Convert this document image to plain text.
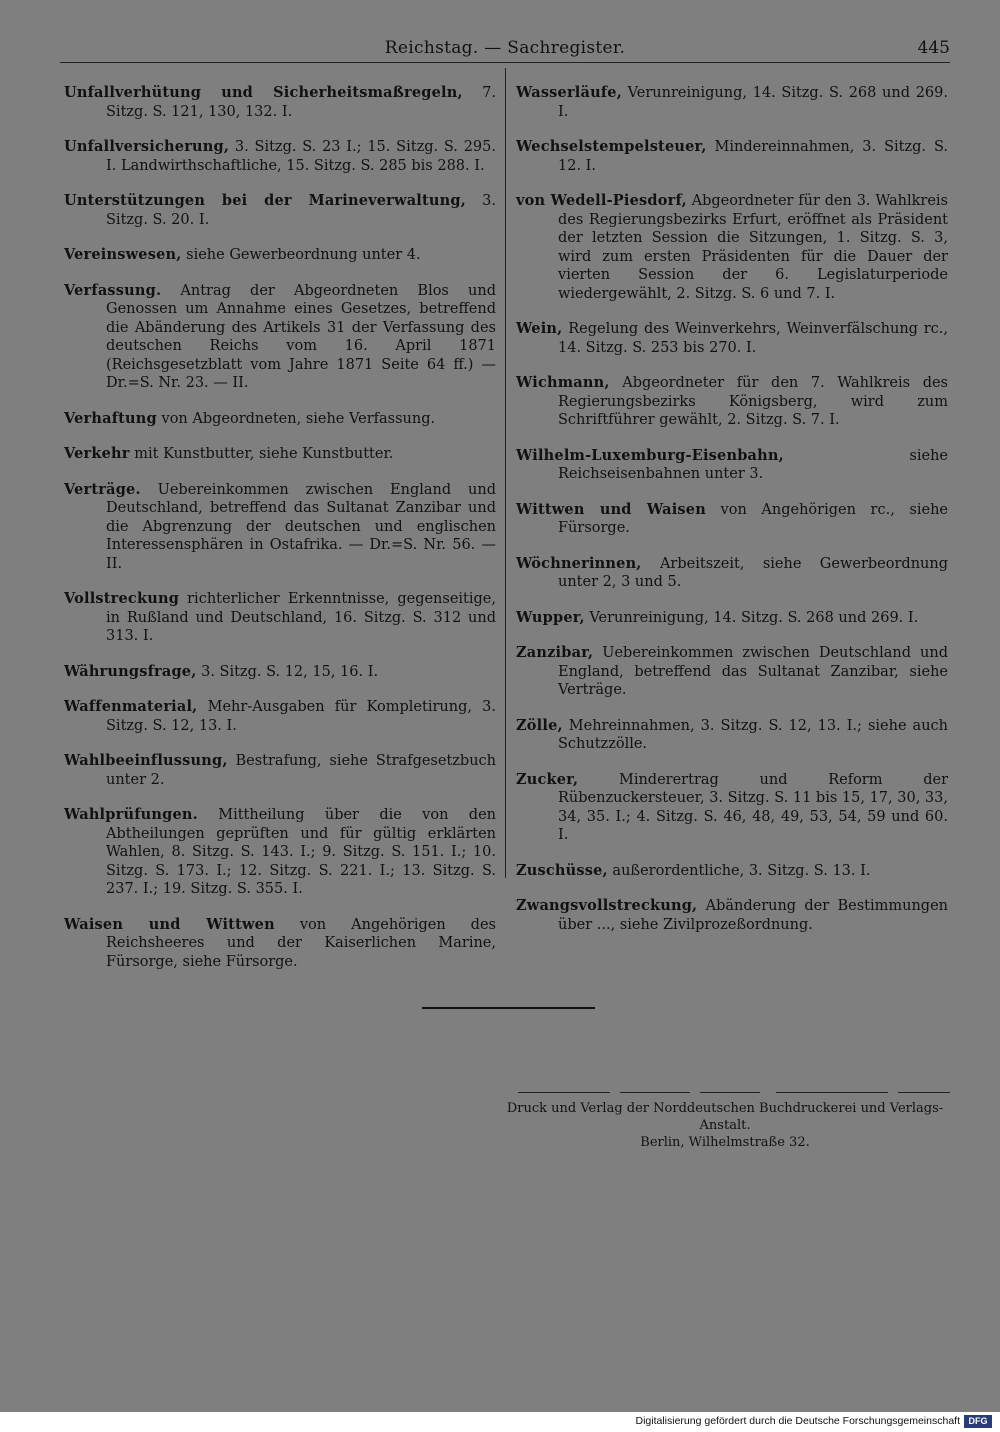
Reichstag. — Sachregister.	445

Unfallverhütung und Sicherheitsmaßregeln, 7. Sitzg. S. 121, 130, 132. I.

Unfallversicherung, 3. Sitzg. S. 23 I.; 15. Sitzg. S. 295. I. Landwirthschaftliche, 15. Sitzg. S. 285 bis 288. I.

Unterstützungen bei der Marineverwaltung, 3. Sitzg. S. 20. I.

Vereinswesen, siehe Gewerbeordnung unter 4.

Verfassung. Antrag der Abgeordneten Blos und Genossen um Annahme eines Gesetzes, betreffend die Abänderung des Artikels 31 der Verfassung des deutschen Reichs vom 16. April 1871 (Reichsgesetzblatt vom Jahre 1871 Seite 64 ff.) — Dr.=S. Nr. 23. — II.

Verhaftung von Abgeordneten, siehe Verfassung.

Verkehr mit Kunstbutter, siehe Kunstbutter.

Verträge. Uebereinkommen zwischen England und Deutschland, betreffend das Sultanat Zanzibar und die Abgrenzung der deutschen und englischen Interessensphären in Ostafrika. — Dr.=S. Nr. 56. — II.

Vollstreckung richterlicher Erkenntnisse, gegenseitige, in Rußland und Deutschland, 16. Sitzg. S. 312 und 313. I.

Währungsfrage, 3. Sitzg. S. 12, 15, 16. I.

Waffenmaterial, Mehr-Ausgaben für Kompletirung, 3. Sitzg. S. 12, 13. I.

Wahlbeeinflussung, Bestrafung, siehe Strafgesetzbuch unter 2.

Wahlprüfungen. Mittheilung über die von den Abtheilungen geprüften und für gültig erklärten Wahlen, 8. Sitzg. S. 143. I.; 9. Sitzg. S. 151. I.; 10. Sitzg. S. 173. I.; 12. Sitzg. S. 221. I.; 13. Sitzg. S. 237. I.; 19. Sitzg. S. 355. I.

Waisen und Wittwen von Angehörigen des Reichsheeres und der Kaiserlichen Marine, Fürsorge, siehe Fürsorge.

Wasserläufe, Verunreinigung, 14. Sitzg. S. 268 und 269. I.

Wechselstempelsteuer, Mindereinnahmen, 3. Sitzg. S. 12. I.

von Wedell-Piesdorf, Abgeordneter für den 3. Wahlkreis des Regierungsbezirks Erfurt, eröffnet als Präsident der letzten Session die Sitzungen, 1. Sitzg. S. 3, wird zum ersten Präsidenten für die Dauer der vierten Session der 6. Legislaturperiode wiedergewählt, 2. Sitzg. S. 6 und 7. I.

Wein, Regelung des Weinverkehrs, Weinverfälschung rc., 14. Sitzg. S. 253 bis 270. I.

Wichmann, Abgeordneter für den 7. Wahlkreis des Regierungsbezirks Königsberg, wird zum Schriftführer gewählt, 2. Sitzg. S. 7. I.

Wilhelm-Luxemburg-Eisenbahn, siehe Reichseisenbahnen unter 3.

Wittwen und Waisen von Angehörigen rc., siehe Fürsorge.

Wöchnerinnen, Arbeitszeit, siehe Gewerbeordnung unter 2, 3 und 5.

Wupper, Verunreinigung, 14. Sitzg. S. 268 und 269. I.

Zanzibar, Uebereinkommen zwischen Deutschland und England, betreffend das Sultanat Zanzibar, siehe Verträge.

Zölle, Mehreinnahmen, 3. Sitzg. S. 12, 13. I.; siehe auch Schutzzölle.

Zucker, Minderertrag und Reform der Rübenzuckersteuer, 3. Sitzg. S. 11 bis 15, 17, 30, 33, 34, 35. I.; 4. Sitzg. S. 46, 48, 49, 53, 54, 59 und 60. I.

Zuschüsse, außerordentliche, 3. Sitzg. S. 13. I.

Zwangsvollstreckung, Abänderung der Bestimmungen über ..., siehe Zivilprozeßordnung.

Druck und Verlag der Norddeutschen Buchdruckerei und Verlags-Anstalt.
Berlin, Wilhelmstraße 32.
Digitalisierung gefördert durch die Deutsche Forschungsgemeinschaft DFG
